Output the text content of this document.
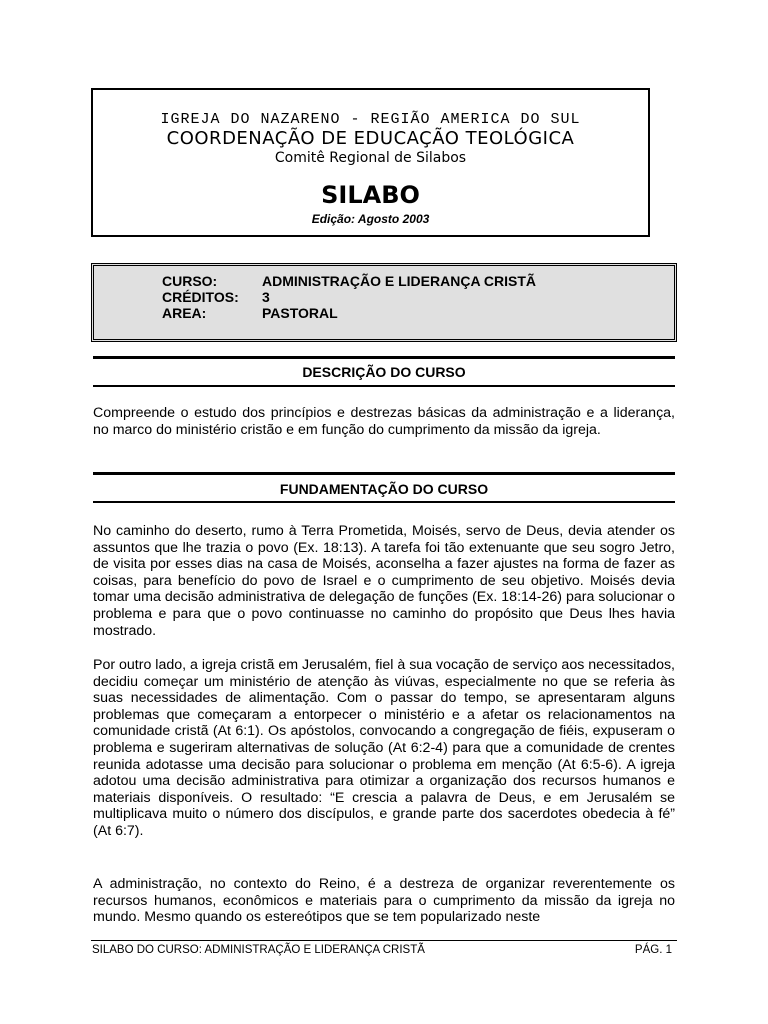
IGREJA DO NAZARENO - REGIÃO AMERICA DO SUL
COORDENAÇÃO DE EDUCAÇÃO TEOLÓGICA
Comitê Regional de Silabos
SILABO
Edição: Agosto 2003
CURSO:	ADMINISTRAÇÃO E LIDERANÇA CRISTÃ
CRÉDITOS: 3
AREA:	PASTORAL
DESCRIÇÃO DO CURSO
Compreende o estudo dos princípios e destrezas básicas da administração e a liderança, no marco do ministério cristão e em função do cumprimento da missão da igreja.
FUNDAMENTAÇÃO DO CURSO
No caminho do deserto, rumo à Terra Prometida, Moisés, servo de Deus, devia atender os assuntos que lhe trazia o povo (Ex. 18:13). A tarefa foi tão extenuante que seu sogro Jetro, de visita por esses dias na casa de Moisés, aconselha a fazer ajustes na forma de fazer as coisas, para benefício do povo de Israel e o cumprimento de seu objetivo. Moisés devia tomar uma decisão administrativa de delegação de funções (Ex. 18:14-26) para solucionar o problema e para que o povo continuasse no caminho do propósito que Deus lhes havia mostrado.
Por outro lado, a igreja cristã em Jerusalém, fiel à sua vocação de serviço aos necessitados, decidiu começar um ministério de atenção às viúvas, especialmente no que se referia às suas necessidades de alimentação. Com o passar do tempo, se apresentaram alguns problemas que começaram a entorpecer o ministério e a afetar os relacionamentos na comunidade cristã (At 6:1). Os apóstolos, convocando a congregação de fiéis, expuseram o problema e sugeriram alternativas de solução (At 6:2-4) para que a comunidade de crentes reunida adotasse uma decisão para solucionar o problema em menção (At 6:5-6). A igreja adotou uma decisão administrativa para otimizar a organização dos recursos humanos e materiais disponíveis. O resultado: “E crescia a palavra de Deus, e em Jerusalém se multiplicava muito o número dos discípulos, e grande parte dos sacerdotes obedecia à fé” (At 6:7).
A administração, no contexto do Reino, é a destreza de organizar reverentemente os recursos humanos, econômicos e materiais para o cumprimento da missão da igreja no mundo. Mesmo quando os estereótipos que se tem popularizado neste
SILABO DO CURSO: ADMINISTRAÇÃO E LIDERANÇA CRISTÃ	PÁG. 1
